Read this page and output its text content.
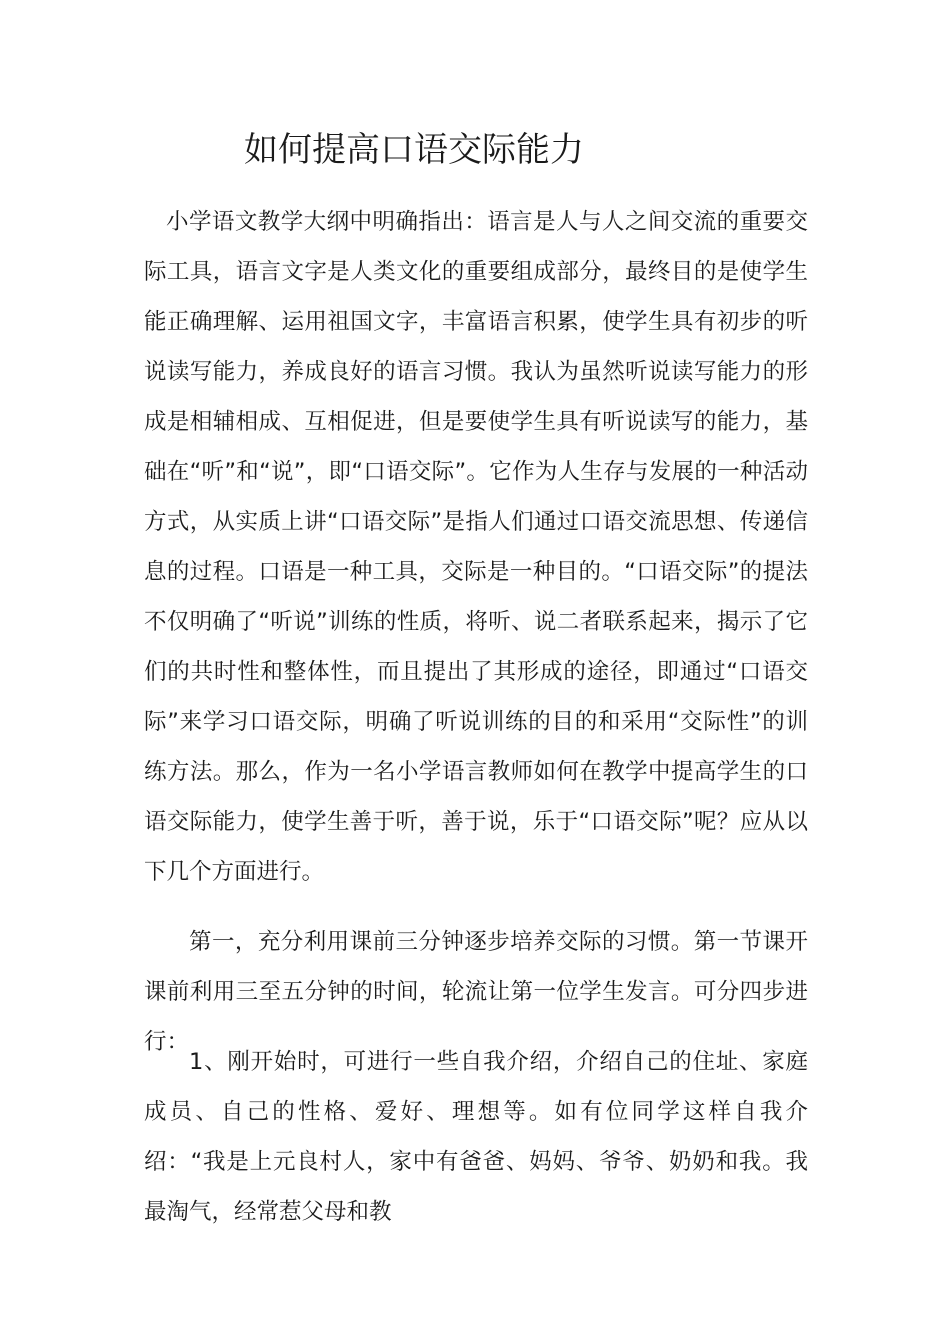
如何提高口语交际能力

小学语文教学大纲中明确指出：语言是人与人之间交流的重要交际工具，语言文字是人类文化的重要组成部分，最终目的是使学生能正确理解、运用祖国文字，丰富语言积累，使学生具有初步的听说读写能力，养成良好的语言习惯。我认为虽然听说读写能力的形成是相辅相成、互相促进，但是要使学生具有听说读写的能力，基础在“听”和“说”，即“口语交际”。它作为人生存与发展的一种活动方式，从实质上讲“口语交际”是指人们通过口语交流思想、传递信息的过程。口语是一种工具，交际是一种目的。“口语交际”的提法不仅明确了“听说”训练的性质，将听、说二者联系起来，揭示了它们的共时性和整体性，而且提出了其形成的途径，即通过“口语交际”来学习口语交际，明确了听说训练的目的和采用“交际性”的训练方法。那么，作为一名小学语言教师如何在教学中提高学生的口语交际能力，使学生善于听，善于说，乐于“口语交际”呢？应从以下几个方面进行。

第一，充分利用课前三分钟逐步培养交际的习惯。第一节课开课前利用三至五分钟的时间，轮流让第一位学生发言。可分四步进行：

1、刚开始时，可进行一些自我介绍，介绍自己的住址、家庭成员、自己的性格、爱好、理想等。如有位同学这样自我介绍：“我是上元良村人，家中有爸爸、妈妈、爷爷、奶奶和我。我最淘气，经常惹父母和教
